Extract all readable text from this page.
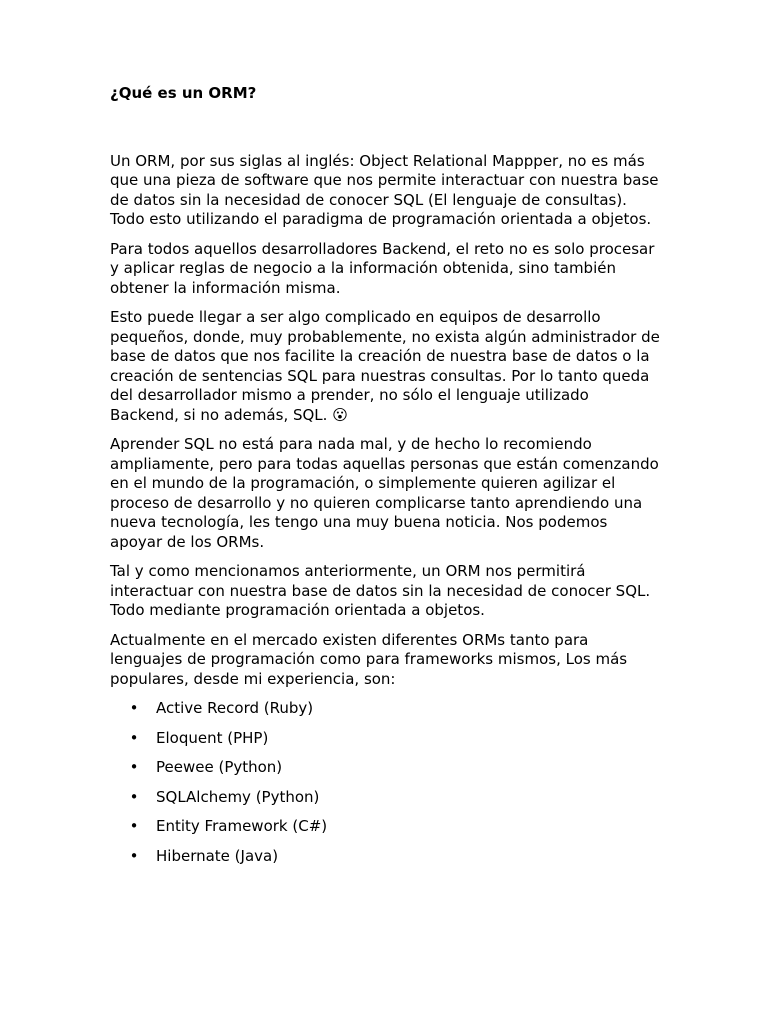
¿Qué es un ORM?

Un ORM, por sus siglas al inglés: Object Relational Mappper, no es más que una pieza de software que nos permite interactuar con nuestra base de datos sin la necesidad de conocer SQL (El lenguaje de consultas). Todo esto utilizando el paradigma de programación orientada a objetos.

Para todos aquellos desarrolladores Backend, el reto no es solo procesar y aplicar reglas de negocio a la información obtenida, sino también obtener la información misma.

Esto puede llegar a ser algo complicado en equipos de desarrollo pequeños, donde, muy probablemente, no exista algún administrador de base de datos que nos facilite la creación de nuestra base de datos o la creación de sentencias SQL para nuestras consultas. Por lo tanto queda del desarrollador mismo a prender, no sólo el lenguaje utilizado Backend, si no además, SQL. 😮

Aprender SQL no está para nada mal, y de hecho lo recomiendo ampliamente, pero para todas aquellas personas que están comenzando en el mundo de la programación, o simplemente quieren agilizar el proceso de desarrollo y no quieren complicarse tanto aprendiendo una nueva tecnología, les tengo una muy buena noticia. Nos podemos apoyar de los ORMs.

Tal y como mencionamos anteriormente, un ORM nos permitirá interactuar con nuestra base de datos sin la necesidad de conocer SQL. Todo mediante programación orientada a objetos.

Actualmente en el mercado existen diferentes ORMs tanto para lenguajes de programación como para frameworks mismos, Los más populares, desde mi experiencia, son:

• Active Record (Ruby)
• Eloquent (PHP)
• Peewee (Python)
• SQLAlchemy (Python)
• Entity Framework (C#)
• Hibernate (Java)
